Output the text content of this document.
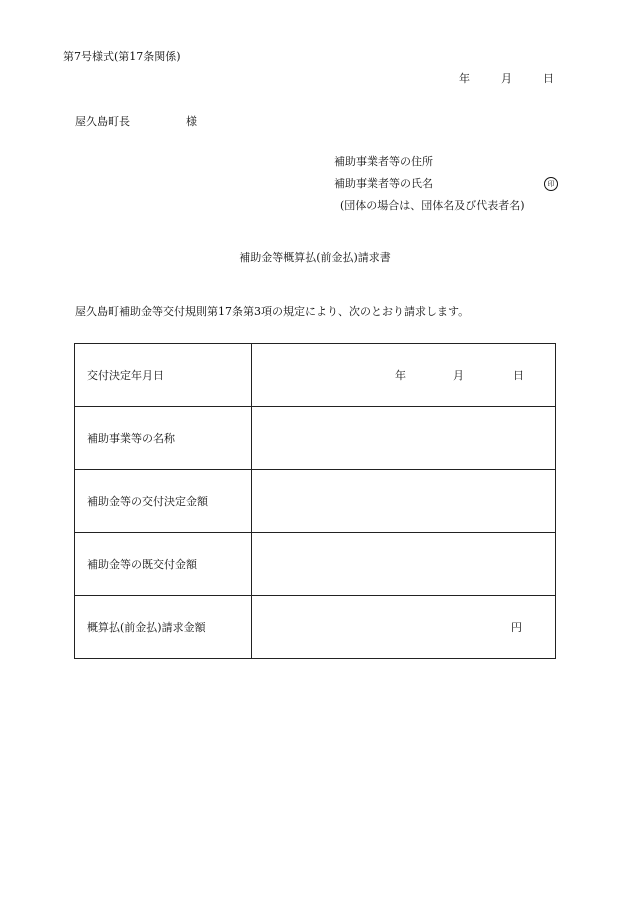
第7号様式(第17条関係)
年	月	日
屋久島町長	様
補助事業者等の住所
補助事業者等の氏名	印
(団体の場合は、団体名及び代表者名)
補助金等概算払(前金払)請求書
屋久島町補助金等交付規則第17条第3項の規定により、次のとおり請求します。
交付決定年月日	年 月 日

補助事業等の名称	
補助金等の交付決定金額	
補助金等の既交付金額	
概算払(前金払)請求金額	円
